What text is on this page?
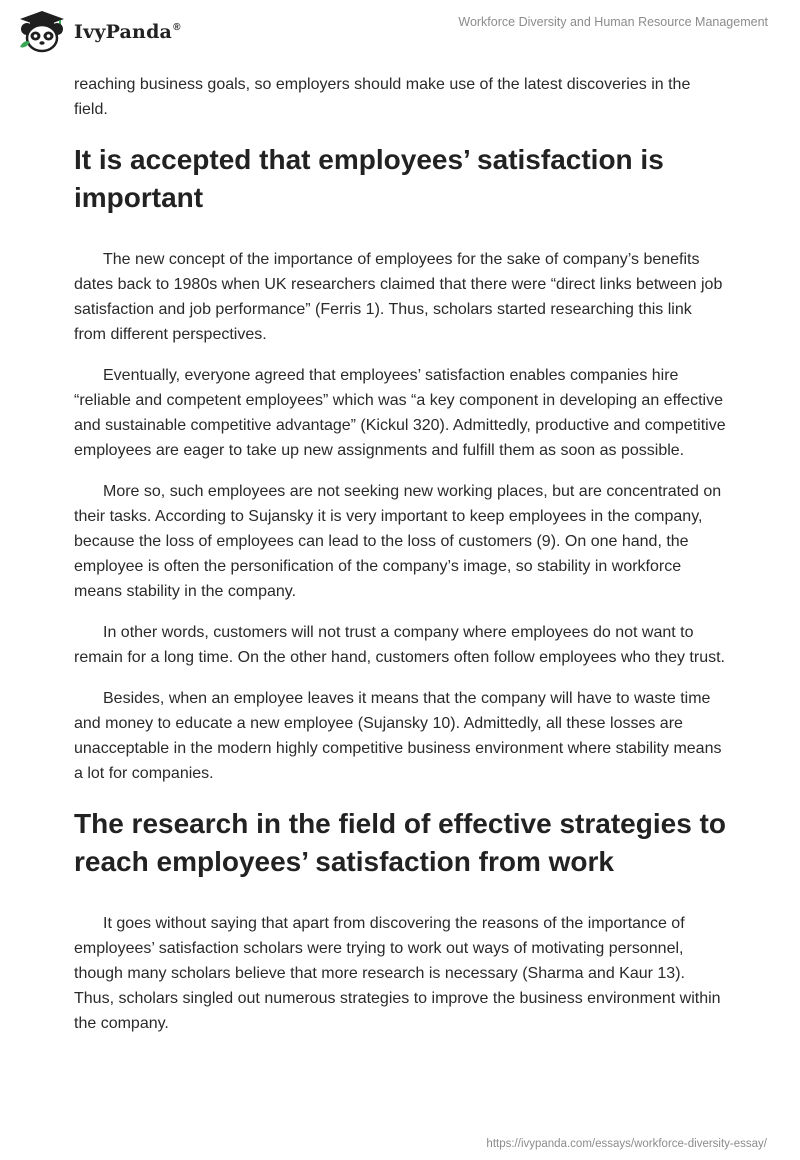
IvyPanda®	Workforce Diversity and Human Resource Management

reaching business goals, so employers should make use of the latest discoveries in the field.

It is accepted that employees’ satisfaction is important

The new concept of the importance of employees for the sake of company’s benefits dates back to 1980s when UK researchers claimed that there were “direct links between job satisfaction and job performance” (Ferris 1). Thus, scholars started researching this link from different perspectives.

Eventually, everyone agreed that employees’ satisfaction enables companies hire “reliable and competent employees” which was “a key component in developing an effective and sustainable competitive advantage” (Kickul 320). Admittedly, productive and competitive employees are eager to take up new assignments and fulfill them as soon as possible.

More so, such employees are not seeking new working places, but are concentrated on their tasks. According to Sujansky it is very important to keep employees in the company, because the loss of employees can lead to the loss of customers (9). On one hand, the employee is often the personification of the company’s image, so stability in workforce means stability in the company.

In other words, customers will not trust a company where employees do not want to remain for a long time. On the other hand, customers often follow employees who they trust.

Besides, when an employee leaves it means that the company will have to waste time and money to educate a new employee (Sujansky 10). Admittedly, all these losses are unacceptable in the modern highly competitive business environment where stability means a lot for companies.

The research in the field of effective strategies to reach employees’ satisfaction from work

It goes without saying that apart from discovering the reasons of the importance of employees’ satisfaction scholars were trying to work out ways of motivating personnel, though many scholars believe that more research is necessary (Sharma and Kaur 13). Thus, scholars singled out numerous strategies to improve the business environment within the company.

https://ivypanda.com/essays/workforce-diversity-essay/
